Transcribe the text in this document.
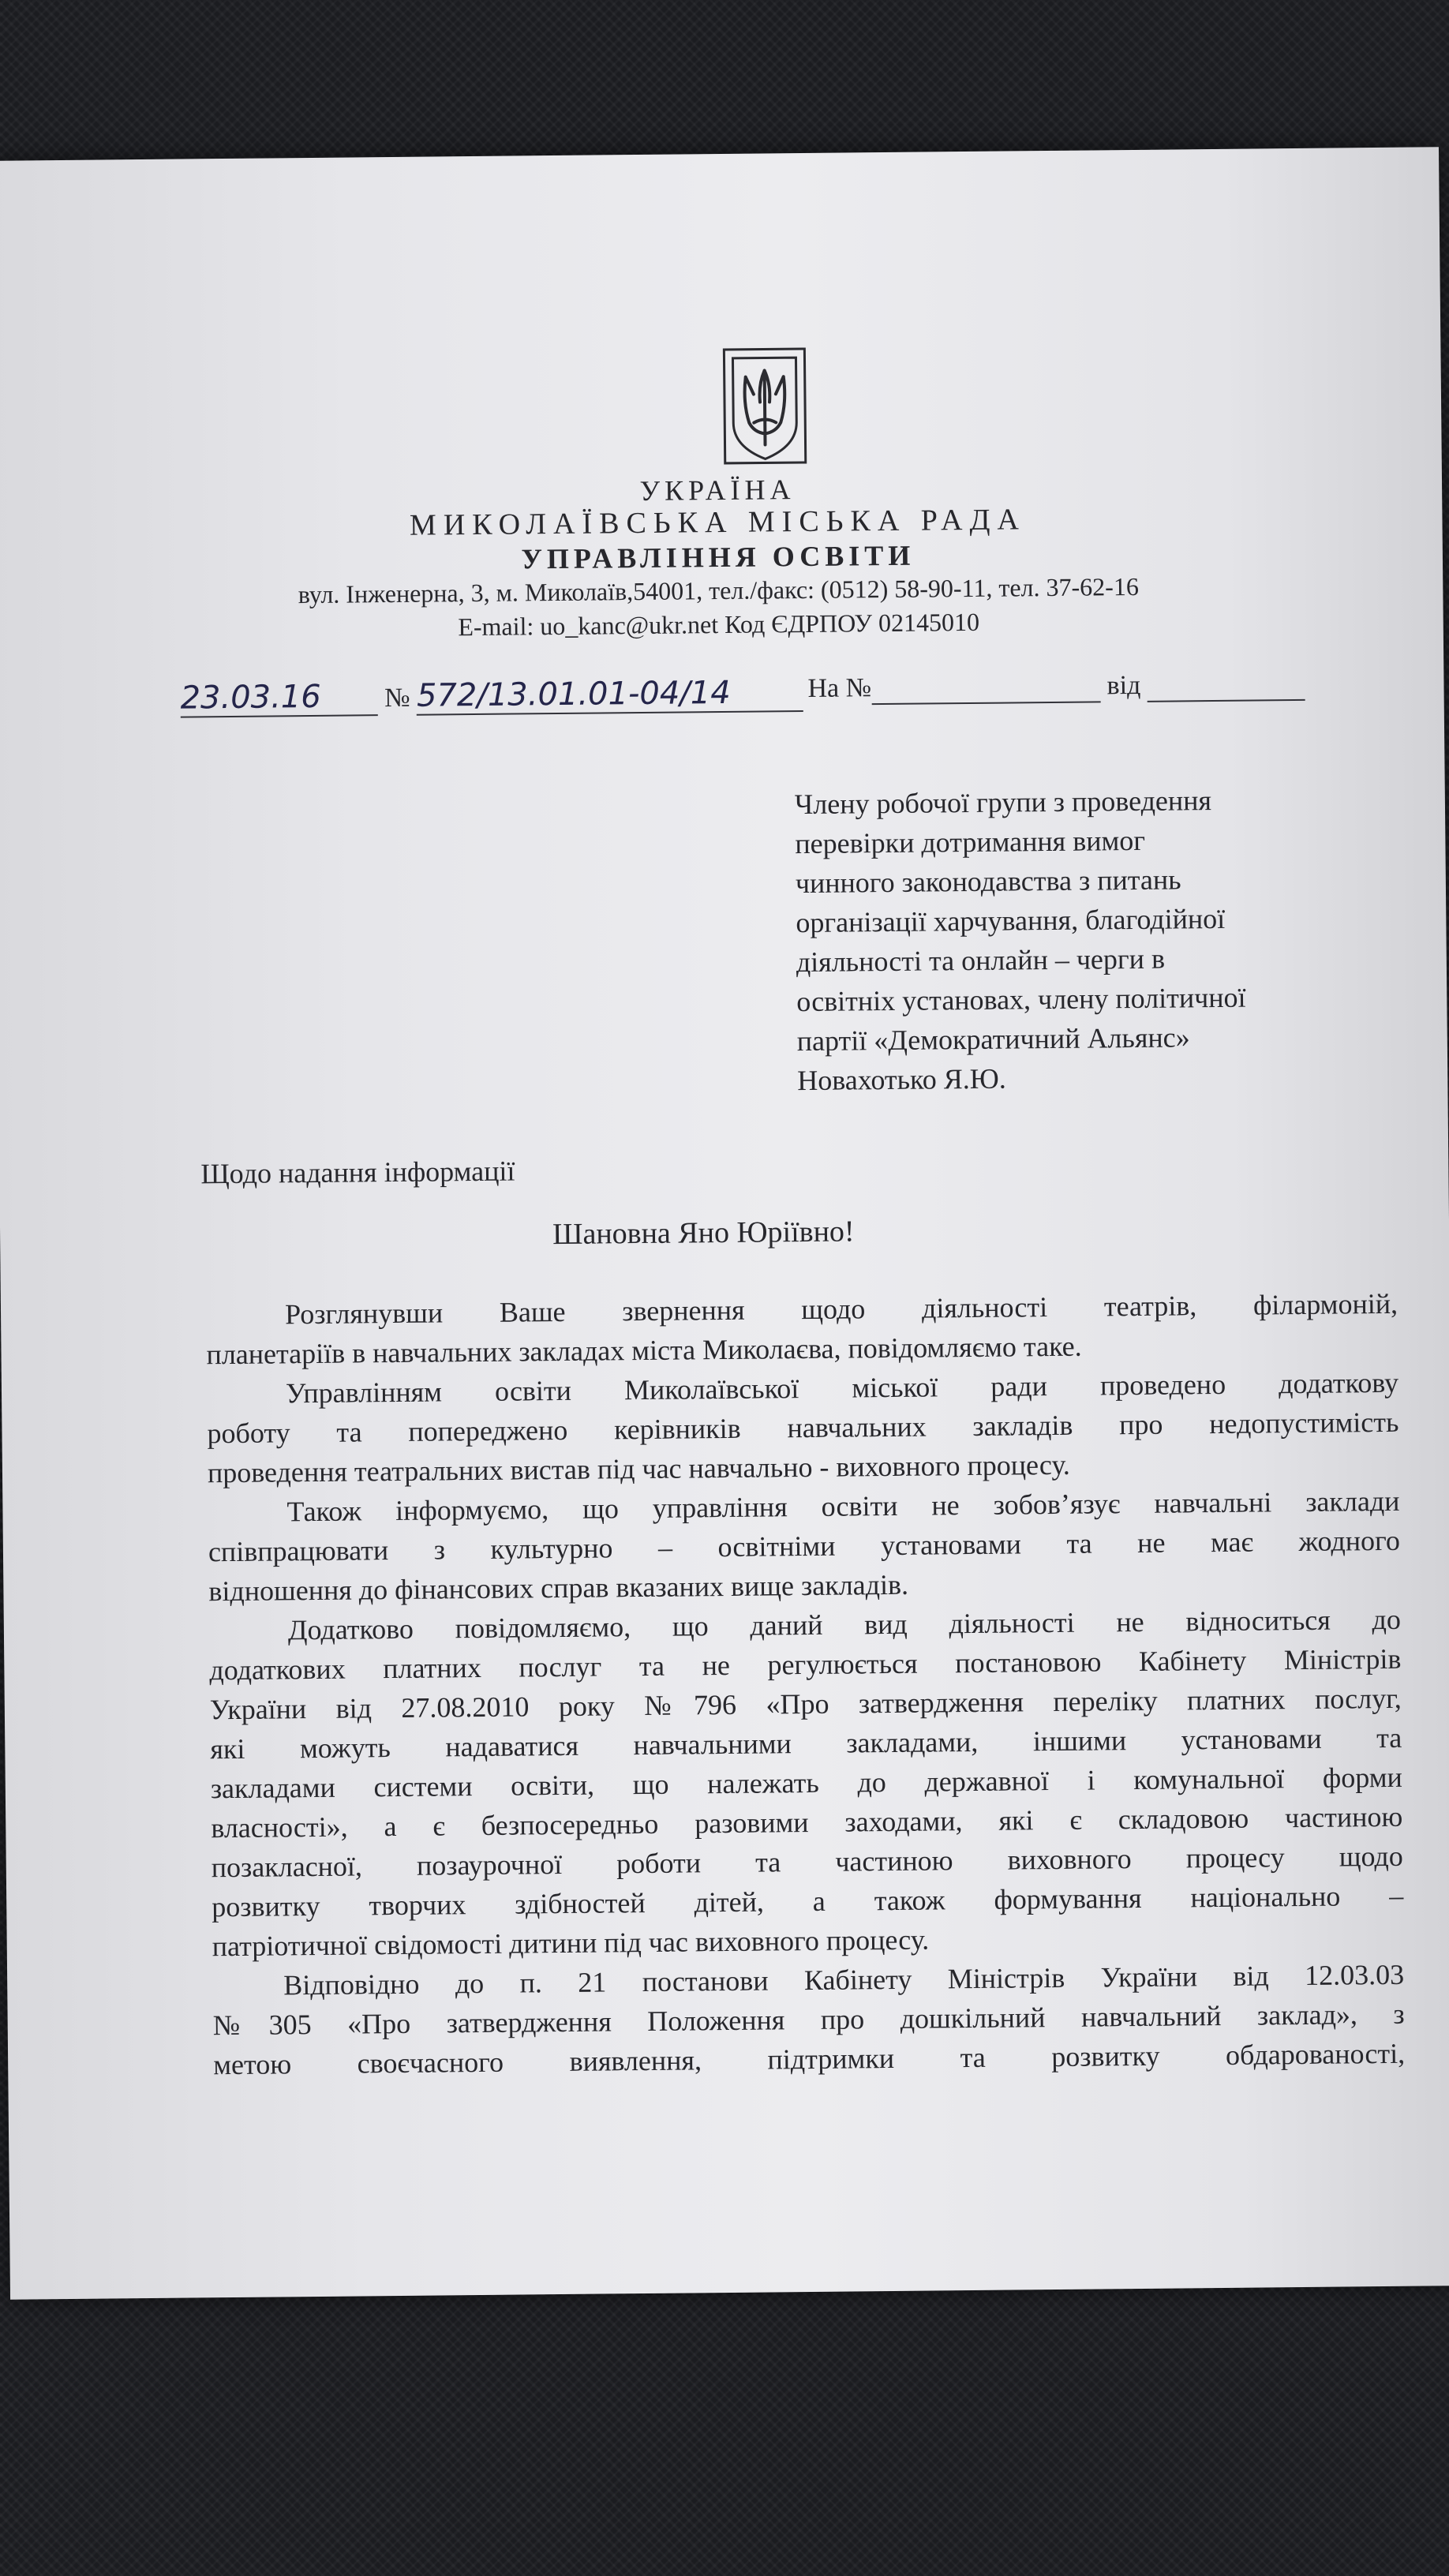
УКРАЇНА
МИКОЛАЇВСЬКА МІСЬКА РАДА
УПРАВЛІННЯ ОСВІТИ
вул. Інженерна, 3, м. Миколаїв,54001, тел./факс: (0512) 58-90-11, тел. 37-62-16
E-mail: uo_kanc@ukr.net Код ЄДРПОУ 02145010
23.03.16 № 572/13.01.01-04/14	На №	від
Члену робочої групи з проведення
перевірки дотримання вимог
чинного законодавства з питань
організації харчування, благодійної
діяльності та онлайн – черги в
освітніх установах, члену політичної
партії «Демократичний Альянс»
Новахотько Я.Ю.
Щодо надання інформації
Шановна Яно Юріївно!
Розглянувши Ваше звернення щодо діяльності театрів, філармоній,
планетаріїв в навчальних закладах міста Миколаєва, повідомляємо таке.
Управлінням освіти Миколаївської міської ради проведено додаткову
роботу та попереджено керівників навчальних закладів про недопустимість
проведення театральних вистав під час навчально - виховного процесу.
Також інформуємо, що управління освіти не зобов’язує навчальні заклади
співпрацювати з культурно – освітніми установами та не має жодного
відношення до фінансових справ вказаних вище закладів.
Додатково повідомляємо, що даний вид діяльності не відноситься до
додаткових платних послуг та не регулюється постановою Кабінету Міністрів
України від 27.08.2010 року №796 «Про затвердження переліку платних послуг,
які можуть надаватися навчальними закладами, іншими установами та
закладами системи освіти, що належать до державної і комунальної форми
власності», а є безпосередньо разовими заходами, які є складовою частиною
позакласної, позаурочної роботи та частиною виховного процесу щодо
розвитку творчих здібностей дітей, а також формування національно –
патріотичної свідомості дитини під час виховного процесу.
Відповідно до п. 21 постанови Кабінету Міністрів України від 12.03.03
№305 «Про затвердження Положення про дошкільний навчальний заклад», з
метою своєчасного виявлення, підтримки та розвитку обдарованості,
